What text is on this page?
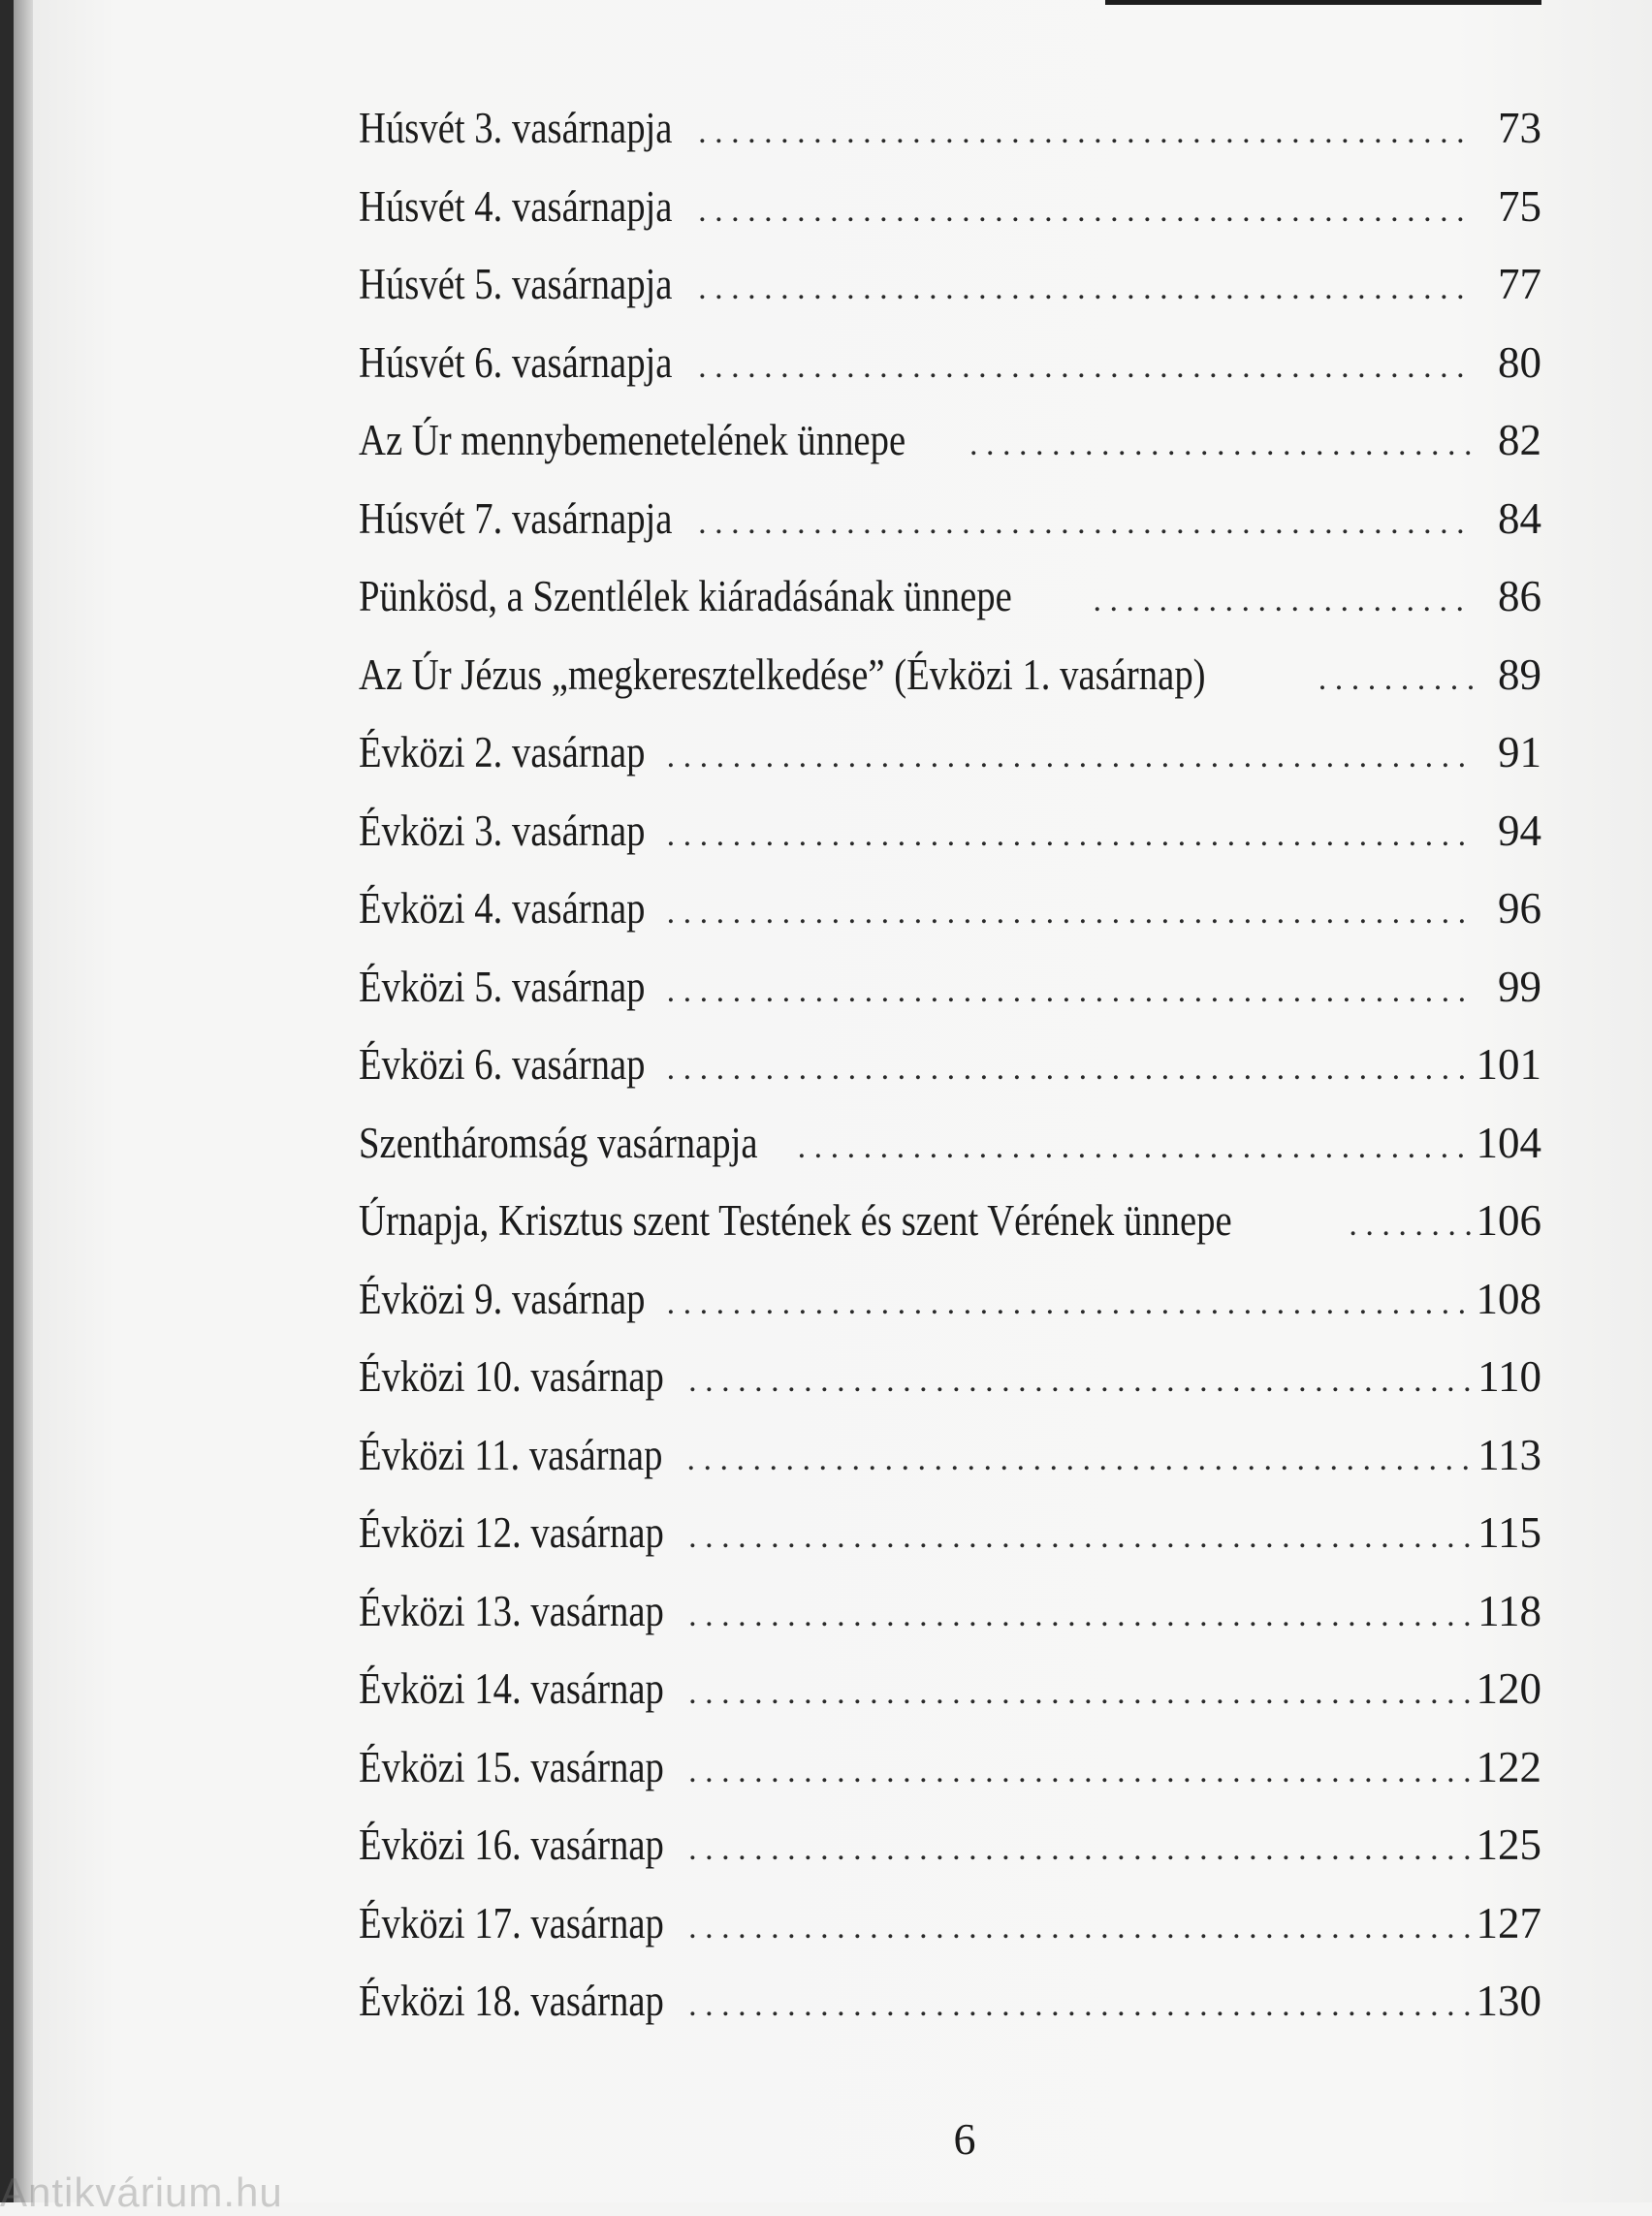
Húsvét 3. vasárnapja . . .	73
Húsvét 4. vasárnapja . . .	75
Húsvét 5. vasárnapja . . .	77
Húsvét 6. vasárnapja . . .	80
Az Úr mennybemenetelének ünnepe . . .	82
Húsvét 7. vasárnapja . . .	84
Pünkösd, a Szentlélek kiáradásának ünnepe . . .	86
Az Úr Jézus „megkeresztelkedése” (Évközi 1. vasárnap) . . .	89
Évközi 2. vasárnap . . .	91
Évközi 3. vasárnap . . .	94
Évközi 4. vasárnap . . .	96
Évközi 5. vasárnap . . .	99
Évközi 6. vasárnap . . .	101
Szentháromság vasárnapja . . .	104
Úrnapja, Krisztus szent Testének és szent Vérének ünnepe . . .	106
Évközi 9. vasárnap . . .	108
Évközi 10. vasárnap . . .	110
Évközi 11. vasárnap . . .	113
Évközi 12. vasárnap . . .	115
Évközi 13. vasárnap . . .	118
Évközi 14. vasárnap . . .	120
Évközi 15. vasárnap . . .	122
Évközi 16. vasárnap . . .	125
Évközi 17. vasárnap . . .	127
Évközi 18. vasárnap . . .	130
6
Antikvárium.hu
